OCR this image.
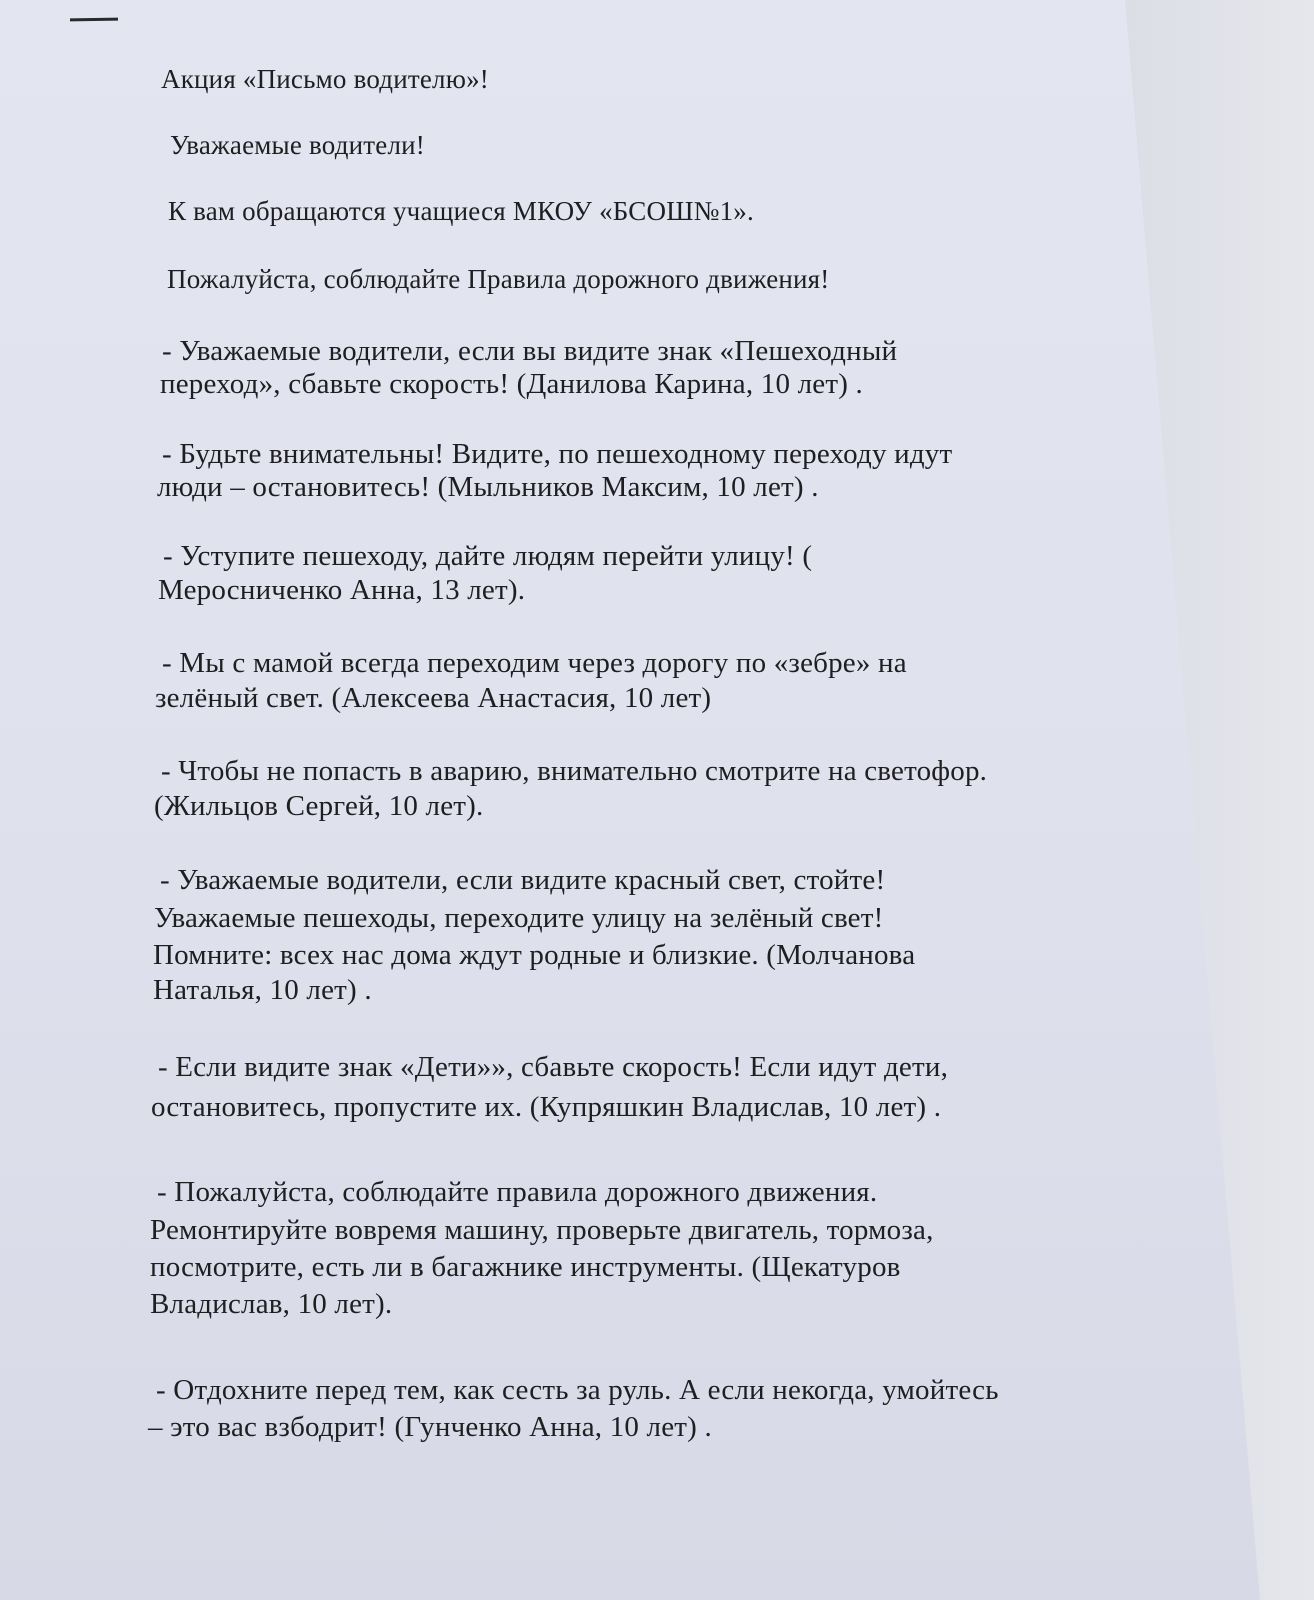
Акция «Письмо водителю»!
Уважаемые водители!
К вам обращаются учащиеся МКОУ «БСОШ№1».
Пожалуйста, соблюдайте Правила дорожного движения!
- Уважаемые водители, если вы видите знак «Пешеходный
переход», сбавьте скорость! (Данилова Карина, 10 лет) .
- Будьте внимательны! Видите, по пешеходному переходу идут
люди – остановитесь! (Мыльников Максим, 10 лет) .
- Уступите пешеходу, дайте людям перейти улицу! (
Меросниченко Анна, 13 лет).
- Мы с мамой всегда переходим через дорогу по «зебре» на
зелёный свет. (Алексеева Анастасия, 10 лет)
- Чтобы не попасть в аварию, внимательно смотрите на светофор.
(Жильцов Сергей, 10 лет).
- Уважаемые водители, если видите красный свет, стойте!
Уважаемые пешеходы, переходите улицу на зелёный свет!
Помните: всех нас дома ждут родные и близкие. (Молчанова
Наталья, 10 лет) .
- Если видите знак «Дети»», сбавьте скорость! Если идут дети,
остановитесь, пропустите их. (Купряшкин Владислав, 10 лет) .
- Пожалуйста, соблюдайте правила дорожного движения.
Ремонтируйте вовремя машину, проверьте двигатель, тормоза,
посмотрите, есть ли в багажнике инструменты. (Щекатуров
Владислав, 10 лет).
- Отдохните перед тем, как сесть за руль. А если некогда, умойтесь
– это вас взбодрит! (Гунченко Анна, 10 лет) .
